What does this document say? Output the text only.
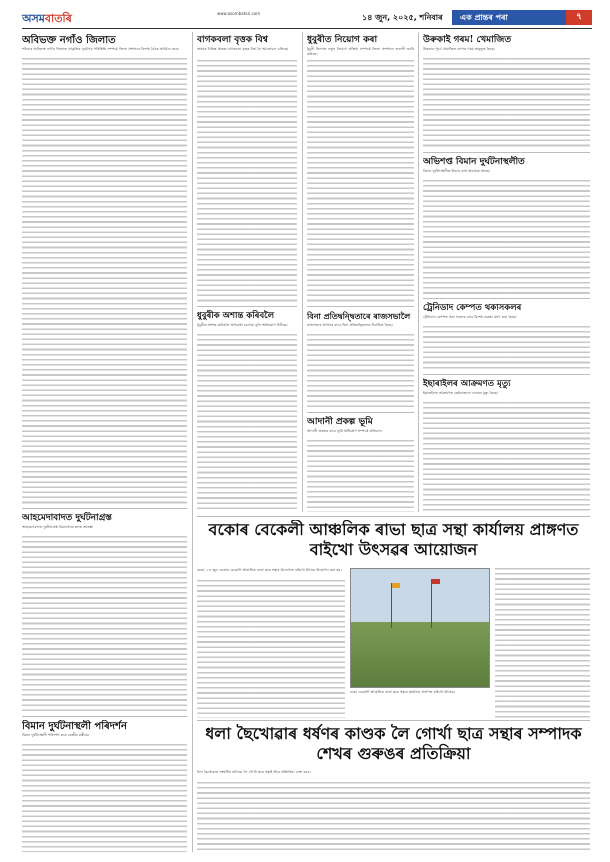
অসমবাতৰি	www.asombatori.com	১৪ জুন, ২০২৫, শনিবাৰ	এক প্ৰান্তৰ পৰা	৭
অবিভক্ত নগাঁও জিলাত
শনিবাৰ অবিভক্ত নগাঁও জিলাত প্ৰাকৃতিক দুৰ্যোগৰ পৰিস্থিতি সম্পৰ্কে জিলা প্ৰশাসনে বিশেষ বৈঠক আহ্বান কৰে।
আহমেদাবাদত দুৰ্ঘটনাগ্ৰস্ত
আহমেদাবাদত দুৰ্ঘটনাগ্ৰস্ত বিমানখনৰ তদন্ত আৰম্ভ।
বিমান দুৰ্ঘটনাস্থলী পৰিদৰ্শন
বিমান দুৰ্ঘটনাস্থলী পৰিদৰ্শন কৰে কেন্দ্ৰীয় মন্ত্ৰীয়ে।
বাগকবলা বৃত্তক বিশ্ব
অসমৰ বিভিন্ন প্ৰান্তত বাগকবলা বৃত্তক বিশ্ব লৈ আলোচনা চলিছে।
ধুবুৰীক অশান্ত কৰিবলৈ
ধুবুৰীক অশান্ত কৰিবলৈ অপচেষ্টা চলোৱা বুলি অভিযোগ উঠিছে।
ধুবুৰীত নিয়োগ কৰা
ধুবুৰী জিলাত নতুন নিয়োগ প্ৰক্ৰিয়া সম্পৰ্কে জিলা প্ৰশাসনে জাননী জাৰি কৰিছে।
বিনা প্ৰতিদ্বন্দ্বিতাৰে ৰাজসভালৈ
ৰাজসভাৰ আসনৰ বাবে বিনা প্ৰতিদ্বন্দ্বিতাৰে নিৰ্বাচিত হৈছে।
আদানী প্ৰকল্প ভূমি
আদানী প্ৰকল্পৰ বাবে ভূমি অধিগ্ৰহণ সম্পৰ্কে প্ৰতিবাদ।
উৰুকাই গৰম! খেমাজিত
উৰুকাৰ পূৰ্বে খেমাজিত ব্যাপক গৰম অনুভূত হৈছে।
অভিশপ্ত বিমান দুৰ্ঘটনাস্থলীত
বিমান দুৰ্ঘটনাস্থলীত উদ্ধাৰ কাৰ্য অব্যাহত আছে।
ট্ৰেনিডাদ কেম্পত থকাসকলৰ
ট্ৰেনিডাদ কেম্পত থকা সকলৰ বাবে বিশেষ ব্যৱস্থা গ্ৰহণ কৰা হৈছে।
ইছাৰাইলৰ আক্ৰমণত মৃত্যু
ইছাৰাইলৰ আক্ৰমণত কেইবাজনো লোকৰ মৃত্যু হৈছে।
বকোৰ বেকেলী আঞ্চলিক ৰাভা ছাত্ৰ সন্থা কাৰ্যালয় প্ৰাঙ্গণত বাইখো উৎসৱৰ আয়োজন
বকো, ১৩ জুন: বকোৰ বেকেলী আঞ্চলিক ৰাভা ছাত্ৰ সন্থাৰ উদ্যোগত বাইখো উৎসৱ উদযাপন কৰা হয়।
বকো বেকেলী আঞ্চলিক ৰাভা ছাত্ৰ সন্থাৰ কাৰ্যালয় প্ৰাঙ্গণত বাইখো উৎসৱ।
ধলা ছৈখোৱাৰ ধৰ্ষণৰ কাণ্ডক লৈ গোৰ্খা ছাত্ৰ সন্থাৰ সম্পাদক শেখৰ গুৰুঙৰ প্ৰতিক্ৰিয়া
ধলা ছৈখোৱাত সংঘটিত ঘটনাক লৈ গোৰ্খা ছাত্ৰ সন্থাই তীব্ৰ প্ৰতিক্ৰিয়া ব্যক্ত কৰে।
